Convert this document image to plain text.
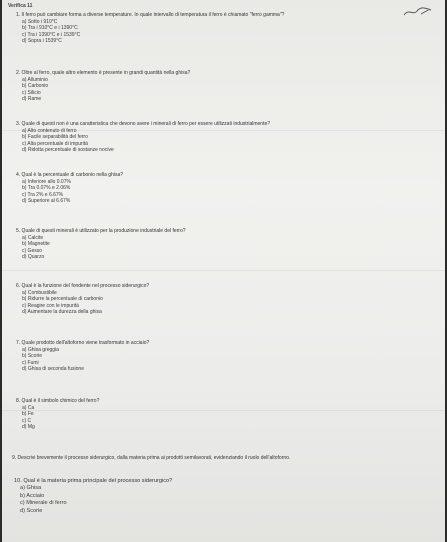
Verifica 11
1. Il ferro può cambiare forma a diverse temperature. In quale intervallo di temperatura il ferro è chiamato "ferro gamma"?
a) Sotto i 910°C
b) Tra i 910°C e i 1390°C
c) Tra i 1390°C e i 1539°C
d) Sopra i 1539°C
2. Oltre al ferro, quale altro elemento è presente in grandi quantità nella ghisa?
a) Alluminio
b) Carbonio
c) Silicio
d) Rame
3. Quale di questi non è una caratteristica che devono avere i minerali di ferro per essere utilizzati industrialmente?
a) Alto contenuto di ferro
b) Facile separabilità del ferro
c) Alta percentuale di impurità
d) Ridotta percentuale di sostanze nocive
4. Qual è la percentuale di carbonio nella ghisa?
a) Inferiore allo 0.07%
b) Tra 0.07% e 2.06%
c) Tra 2% e 6.67%
d) Superiore al 6.67%
5. Quale di questi minerali è utilizzato per la produzione industriale del ferro?
a) Calcite
b) Magnetite
c) Gesso
d) Quarzo
6. Qual è la funzione del fondente nel processo siderurgico?
a) Combustibile
b) Ridurre la percentuale di carbonio
c) Reagire con le impurità
d) Aumentare la durezza della ghisa
7. Quale prodotto dell'altoforno viene trasformato in acciaio?
a) Ghisa greggia
b) Scorie
c) Fumi
d) Ghisa di seconda fusione
8. Qual è il simbolo chimico del ferro?
a) Ca
b) Fe
c) C
d) Mg
9. Descrivi brevemente il processo siderurgico, dalla materia prima ai prodotti semilavorati, evidenziando il ruolo dell'altoforno.
10. Qual è la materia prima principale del processo siderurgico?
a) Ghisa
b) Acciaio
c) Minerale di ferro
d) Scorie
